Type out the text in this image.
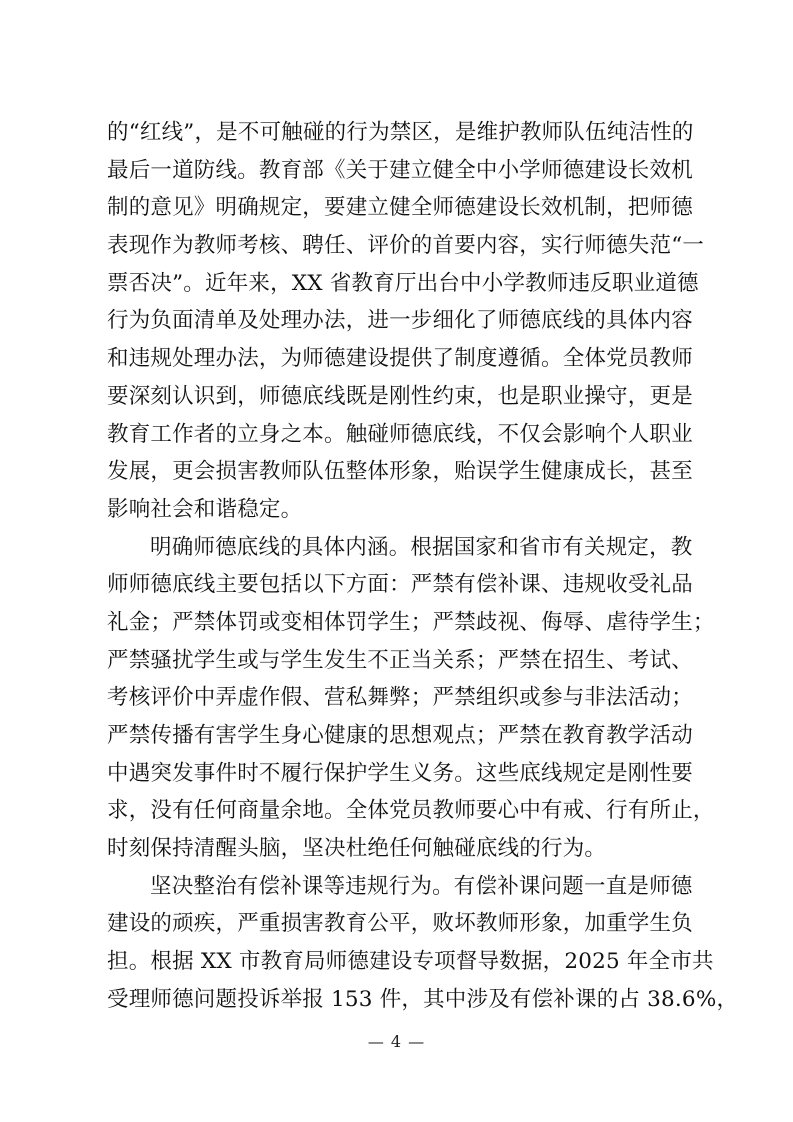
的“红线”，是不可触碰的行为禁区，是维护教师队伍纯洁性的
最后一道防线。教育部《关于建立健全中小学师德建设长效机
制的意见》明确规定，要建立健全师德建设长效机制，把师德
表现作为教师考核、聘任、评价的首要内容，实行师德失范“一
票否决”。近年来，XX 省教育厅出台中小学教师违反职业道德
行为负面清单及处理办法，进一步细化了师德底线的具体内容
和违规处理办法，为师德建设提供了制度遵循。全体党员教师
要深刻认识到，师德底线既是刚性约束，也是职业操守，更是
教育工作者的立身之本。触碰师德底线，不仅会影响个人职业
发展，更会损害教师队伍整体形象，贻误学生健康成长，甚至
影响社会和谐稳定。
明确师德底线的具体内涵。根据国家和省市有关规定，教
师师德底线主要包括以下方面：严禁有偿补课、违规收受礼品
礼金；严禁体罚或变相体罚学生；严禁歧视、侮辱、虐待学生；
严禁骚扰学生或与学生发生不正当关系；严禁在招生、考试、
考核评价中弄虚作假、营私舞弊；严禁组织或参与非法活动；
严禁传播有害学生身心健康的思想观点；严禁在教育教学活动
中遇突发事件时不履行保护学生义务。这些底线规定是刚性要
求，没有任何商量余地。全体党员教师要心中有戒、行有所止，
时刻保持清醒头脑，坚决杜绝任何触碰底线的行为。
坚决整治有偿补课等违规行为。有偿补课问题一直是师德
建设的顽疾，严重损害教育公平，败坏教师形象，加重学生负
担。根据 XX 市教育局师德建设专项督导数据，2025 年全市共
受理师德问题投诉举报 153 件，其中涉及有偿补课的占 38.6%，
— 4 —
